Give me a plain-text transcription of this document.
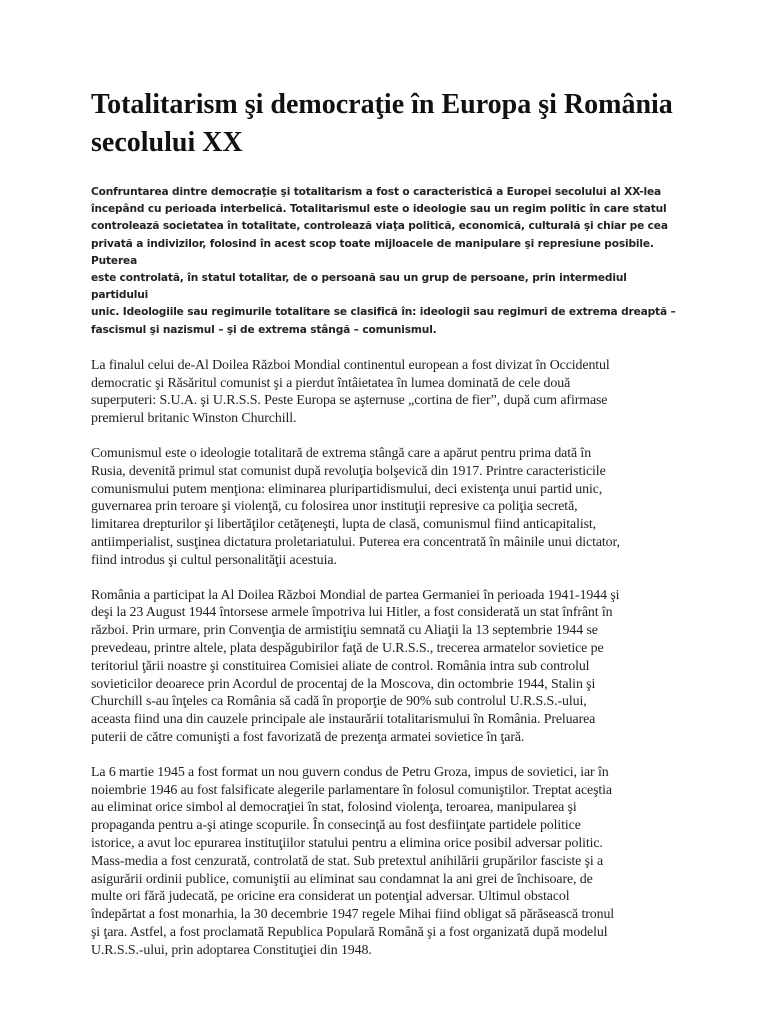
Totalitarism şi democraţie în Europa şi România secolului XX

Confruntarea dintre democraţie şi totalitarism a fost o caracteristică a Europei secolului al XX-lea
începând cu perioada interbelică. Totalitarismul este o ideologie sau un regim politic în care statul
controlează societatea în totalitate, controlează viaţa politică, economică, culturală şi chiar pe cea
privată a indivizilor, folosind în acest scop toate mijloacele de manipulare şi represiune posibile. Puterea
este controlată, în statul totalitar, de o persoană sau un grup de persoane, prin intermediul partidului
unic. Ideologiile sau regimurile totalitare se clasifică în: ideologii sau regimuri de extrema dreaptă –
fascismul şi nazismul – şi de extrema stângă – comunismul.

La finalul celui de-Al Doilea Război Mondial continentul european a fost divizat în Occidentul
democratic şi Răsăritul comunist şi a pierdut întâietatea în lumea dominată de cele două
superputeri: S.U.A. şi U.R.S.S. Peste Europa se aşternuse „cortina de fier”, după cum afirmase
premierul britanic Winston Churchill.

Comunismul este o ideologie totalitară de extrema stângă care a apărut pentru prima dată în
Rusia, devenită primul stat comunist după revoluţia bolşevică din 1917. Printre caracteristicile
comunismului putem menţiona: eliminarea pluripartidismului, deci existenţa unui partid unic,
guvernarea prin teroare şi violenţă, cu folosirea unor instituţii represive ca poliţia secretă,
limitarea drepturilor şi libertăţilor cetăţeneşti, lupta de clasă, comunismul fiind anticapitalist,
antiimperialist, susţinea dictatura proletariatului. Puterea era concentrată în mâinile unui dictator,
fiind introdus şi cultul personalităţii acestuia.

România a participat la Al Doilea Război Mondial de partea Germaniei în perioada 1941-1944 şi
deşi la 23 August 1944 întorsese armele împotriva lui Hitler, a fost considerată un stat înfrânt în
război. Prin urmare, prin Convenţia de armistiţiu semnată cu Aliaţii la 13 septembrie 1944 se
prevedeau, printre altele, plata despăgubirilor faţă de U.R.S.S., trecerea armatelor sovietice pe
teritoriul ţării noastre şi constituirea Comisiei aliate de control. România intra sub controlul
sovieticilor deoarece prin Acordul de procentaj de la Moscova, din octombrie 1944, Stalin şi
Churchill s-au înţeles ca România să cadă în proporţie de 90% sub controlul U.R.S.S.-ului,
aceasta fiind una din cauzele principale ale instaurării totalitarismului în România. Preluarea
puterii de către comunişti a fost favorizată de prezenţa armatei sovietice în ţară.

La 6 martie 1945 a fost format un nou guvern condus de Petru Groza, impus de sovietici, iar în
noiembrie 1946 au fost falsificate alegerile parlamentare în folosul comuniştilor. Treptat aceştia
au eliminat orice simbol al democraţiei în stat, folosind violenţa, teroarea, manipularea şi
propaganda pentru a-şi atinge scopurile. În consecinţă au fost desfiinţate partidele politice
istorice, a avut loc epurarea instituţiilor statului pentru a elimina orice posibil adversar politic.
Mass-media a fost cenzurată, controlată de stat. Sub pretextul anihilării grupărilor fasciste şi a
asigurării ordinii publice, comuniştii au eliminat sau condamnat la ani grei de închisoare, de
multe ori fără judecată, pe oricine era considerat un potenţial adversar. Ultimul obstacol
îndepărtat a fost monarhia, la 30 decembrie 1947 regele Mihai fiind obligat să părăsească tronul
şi ţara. Astfel, a fost proclamată Republica Populară Română şi a fost organizată după modelul
U.R.S.S.-ului, prin adoptarea Constituţiei din 1948.
